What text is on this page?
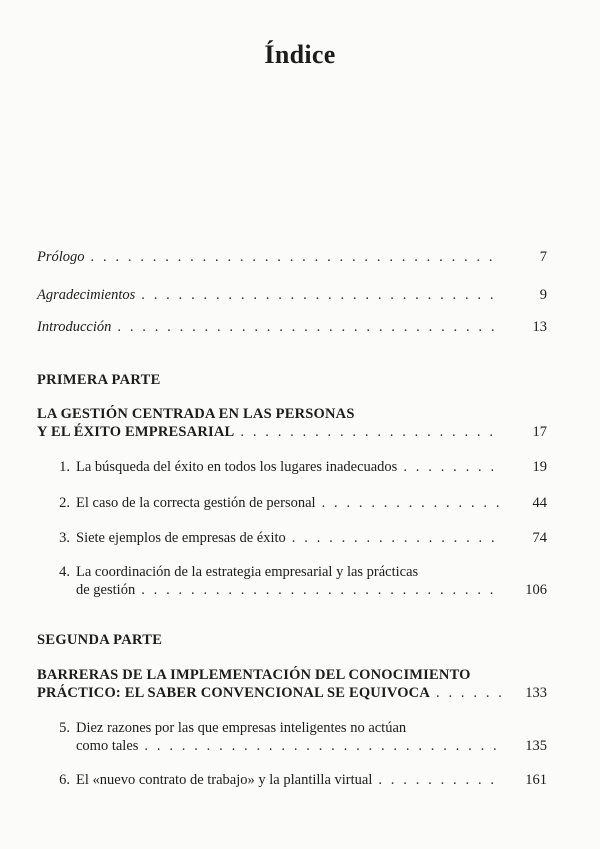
Índice
Prólogo . . .	7
Agradecimientos . . .	9
Introducción . . .	13
PRIMERA PARTE
LA GESTIÓN CENTRADA EN LAS PERSONAS
Y EL ÉXITO EMPRESARIAL . . .	17
1. La búsqueda del éxito en todos los lugares inadecuados . . .	19
2. El caso de la correcta gestión de personal . . .	44
3. Siete ejemplos de empresas de éxito . . .	74
4. La coordinación de la estrategia empresarial y las prácticas
de gestión . . .	106
SEGUNDA PARTE
BARRERAS DE LA IMPLEMENTACIÓN DEL CONOCIMIENTO
PRÁCTICO: EL SABER CONVENCIONAL SE EQUIVOCA . . .	133
5. Diez razones por las que empresas inteligentes no actúan
como tales . . .	135
6. El «nuevo contrato de trabajo» y la plantilla virtual . . .	161
